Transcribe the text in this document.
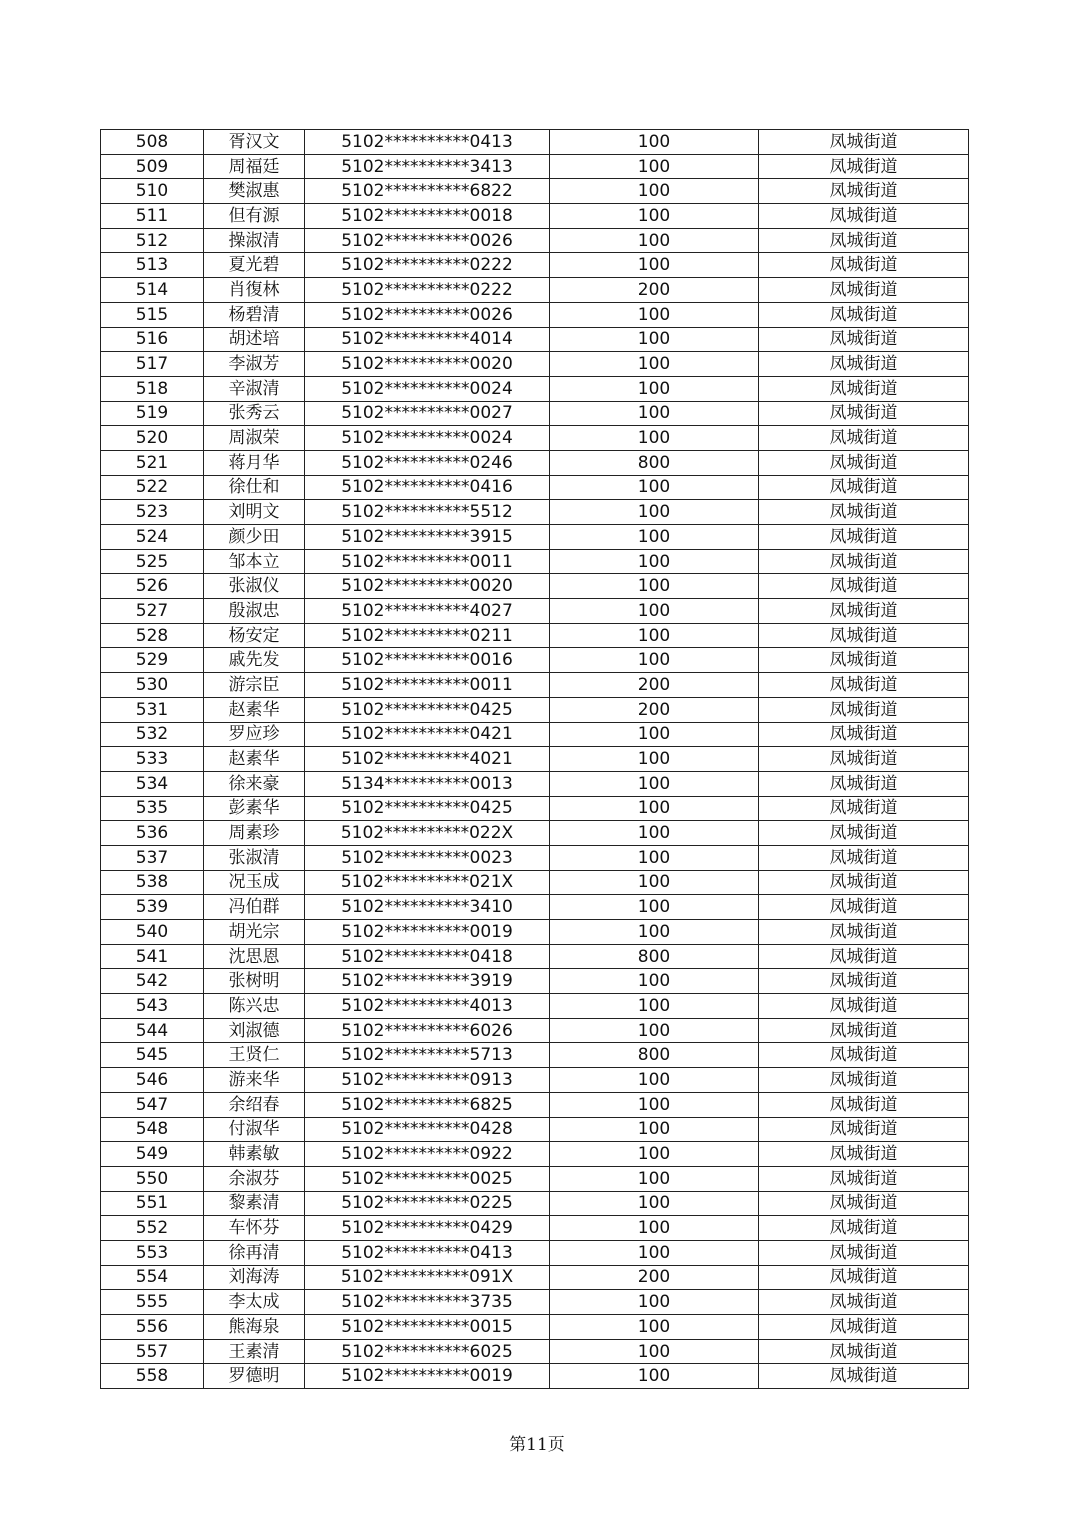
508	胥汉文	5102**********0413	100	凤城街道
509	周福廷	5102**********3413	100	凤城街道
510	樊淑惠	5102**********6822	100	凤城街道
511	但有源	5102**********0018	100	凤城街道
512	操淑清	5102**********0026	100	凤城街道
513	夏光碧	5102**********0222	100	凤城街道
514	肖復林	5102**********0222	200	凤城街道
515	杨碧清	5102**********0026	100	凤城街道
516	胡述培	5102**********4014	100	凤城街道
517	李淑芳	5102**********0020	100	凤城街道
518	辛淑清	5102**********0024	100	凤城街道
519	张秀云	5102**********0027	100	凤城街道
520	周淑荣	5102**********0024	100	凤城街道
521	蒋月华	5102**********0246	800	凤城街道
522	徐仕和	5102**********0416	100	凤城街道
523	刘明文	5102**********5512	100	凤城街道
524	颜少田	5102**********3915	100	凤城街道
525	邹本立	5102**********0011	100	凤城街道
526	张淑仪	5102**********0020	100	凤城街道
527	殷淑忠	5102**********4027	100	凤城街道
528	杨安定	5102**********0211	100	凤城街道
529	戚先发	5102**********0016	100	凤城街道
530	游宗臣	5102**********0011	200	凤城街道
531	赵素华	5102**********0425	200	凤城街道
532	罗应珍	5102**********0421	100	凤城街道
533	赵素华	5102**********4021	100	凤城街道
534	徐来豪	5134**********0013	100	凤城街道
535	彭素华	5102**********0425	100	凤城街道
536	周素珍	5102**********022X	100	凤城街道
537	张淑清	5102**********0023	100	凤城街道
538	况玉成	5102**********021X	100	凤城街道
539	冯伯群	5102**********3410	100	凤城街道
540	胡光宗	5102**********0019	100	凤城街道
541	沈思恩	5102**********0418	800	凤城街道
542	张树明	5102**********3919	100	凤城街道
543	陈兴忠	5102**********4013	100	凤城街道
544	刘淑德	5102**********6026	100	凤城街道
545	王贤仁	5102**********5713	800	凤城街道
546	游来华	5102**********0913	100	凤城街道
547	余绍春	5102**********6825	100	凤城街道
548	付淑华	5102**********0428	100	凤城街道
549	韩素敏	5102**********0922	100	凤城街道
550	余淑芬	5102**********0025	100	凤城街道
551	黎素清	5102**********0225	100	凤城街道
552	车怀芬	5102**********0429	100	凤城街道
553	徐再清	5102**********0413	100	凤城街道
554	刘海涛	5102**********091X	200	凤城街道
555	李太成	5102**********3735	100	凤城街道
556	熊海泉	5102**********0015	100	凤城街道
557	王素清	5102**********6025	100	凤城街道
558	罗德明	5102**********0019	100	凤城街道
第11页
